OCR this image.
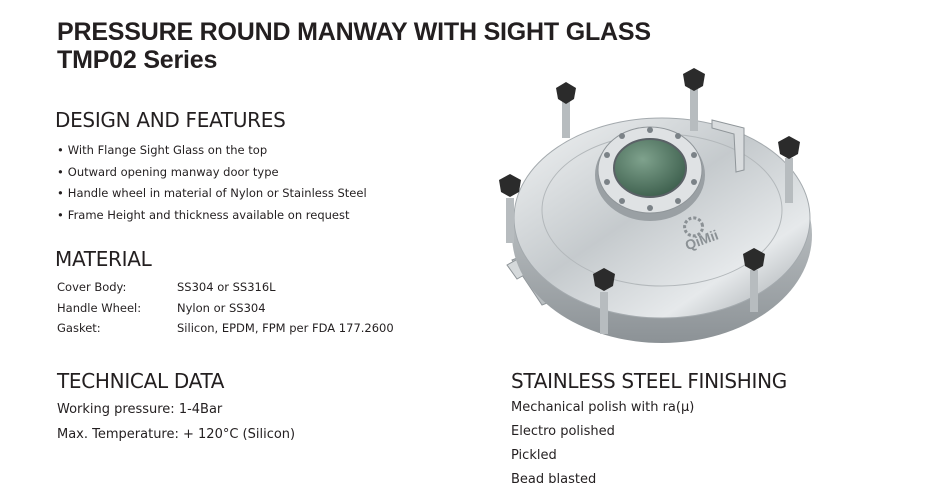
PRESSURE ROUND MANWAY WITH SIGHT GLASS
TMP02 Series
DESIGN AND FEATURES
• With Flange Sight Glass on the top
• Outward opening manway door type
• Handle wheel in material of Nylon or Stainless Steel
• Frame Height and thickness available on request
MATERIAL
Cover Body:	SS304 or SS316L
Handle Wheel:	Nylon or SS304
Gasket:	Silicon, EPDM, FPM per FDA 177.2600
TECHNICAL DATA
Working pressure: 1-4Bar
Max. Temperature: + 120°C (Silicon)
STAINLESS STEEL FINISHING
Mechanical polish with ra(μ)
Electro polished
Pickled
Bead blasted
QiMii
